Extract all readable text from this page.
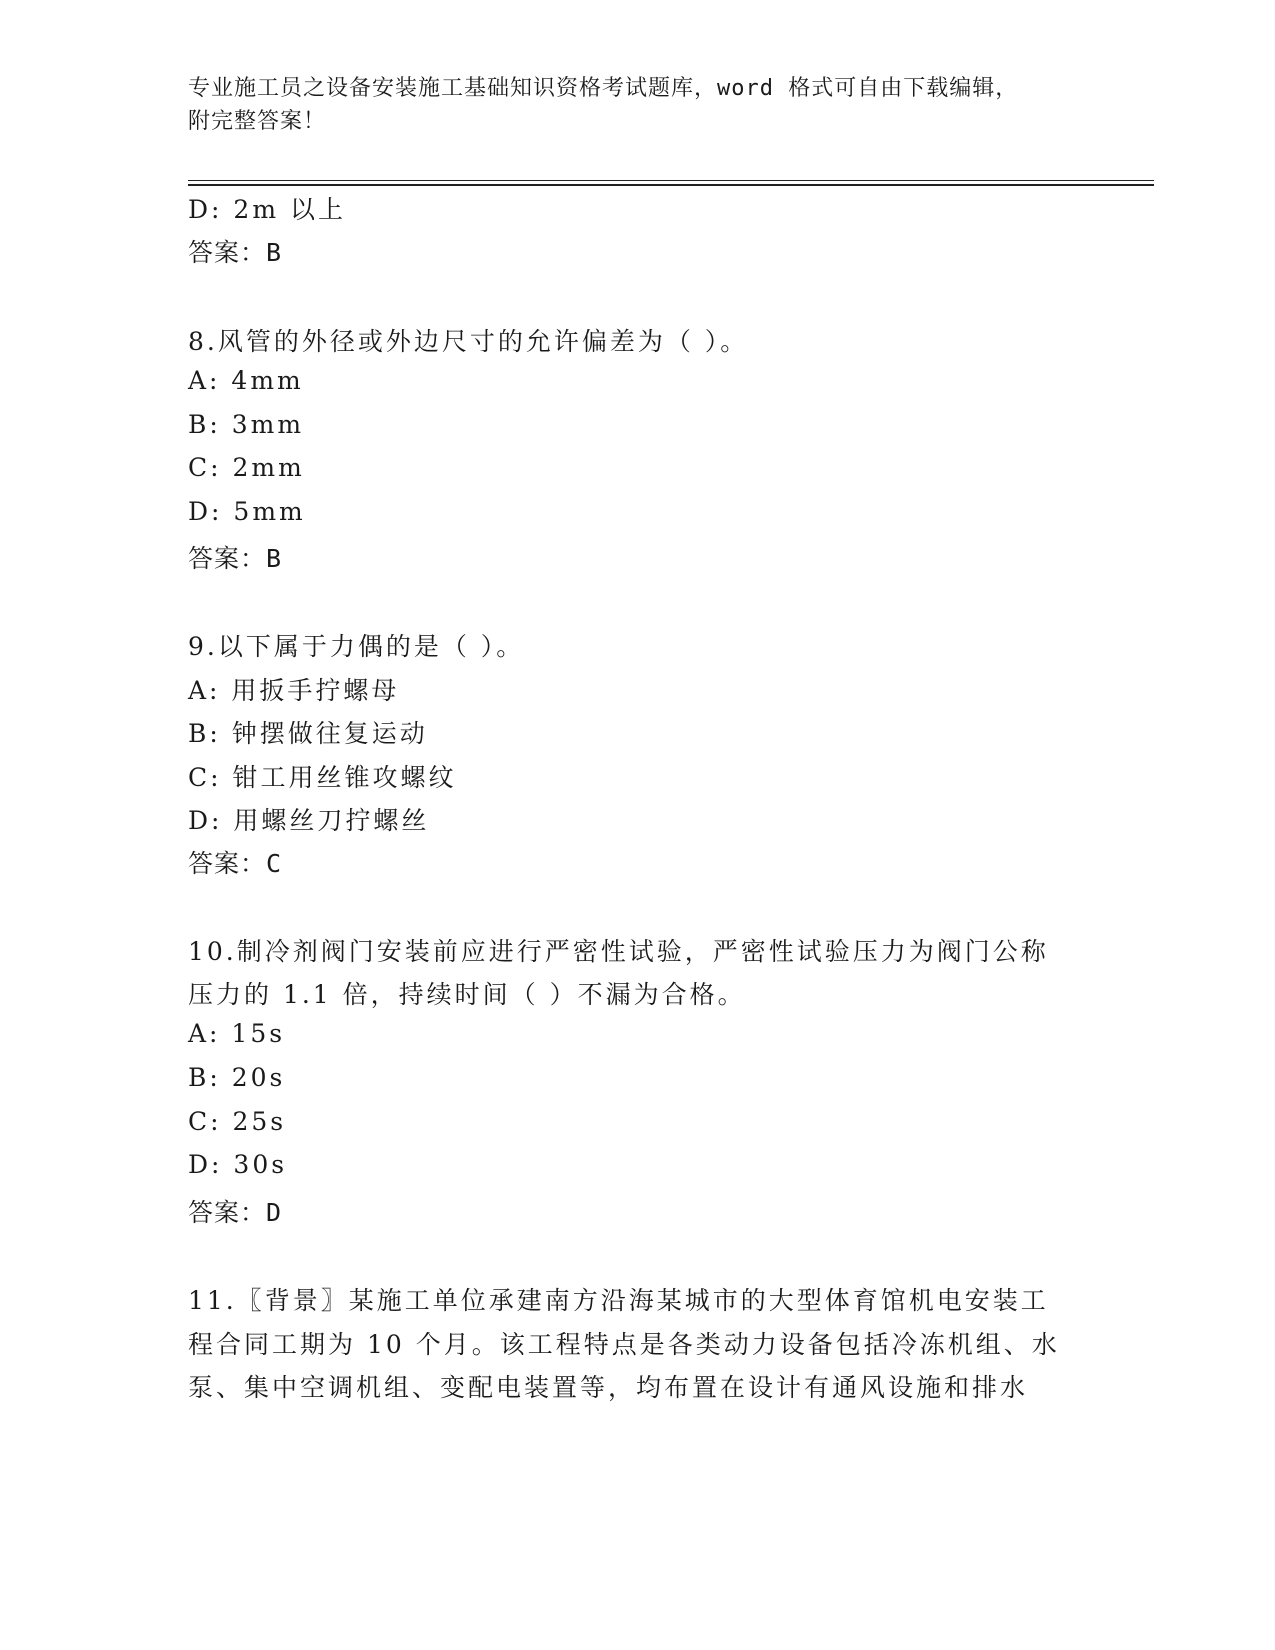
专业施工员之设备安装施工基础知识资格考试题库，word 格式可自由下载编辑，
附完整答案！
D: 2m 以上
答案：B
8.风管的外径或外边尺寸的允许偏差为（ ）。
A: 4mm
B: 3mm
C: 2mm
D: 5mm
答案：B
9.以下属于力偶的是（ ）。
A: 用扳手拧螺母
B: 钟摆做往复运动
C: 钳工用丝锥攻螺纹
D: 用螺丝刀拧螺丝
答案：C
10.制冷剂阀门安装前应进行严密性试验，严密性试验压力为阀门公称
压力的 1.1 倍，持续时间（ ）不漏为合格。
A: 15s
B: 20s
C: 25s
D: 30s
答案：D
11.〖背景〗某施工单位承建南方沿海某城市的大型体育馆机电安装工
程合同工期为 10 个月。该工程特点是各类动力设备包括冷冻机组、水
泵、集中空调机组、变配电装置等，均布置在设计有通风设施和排水
